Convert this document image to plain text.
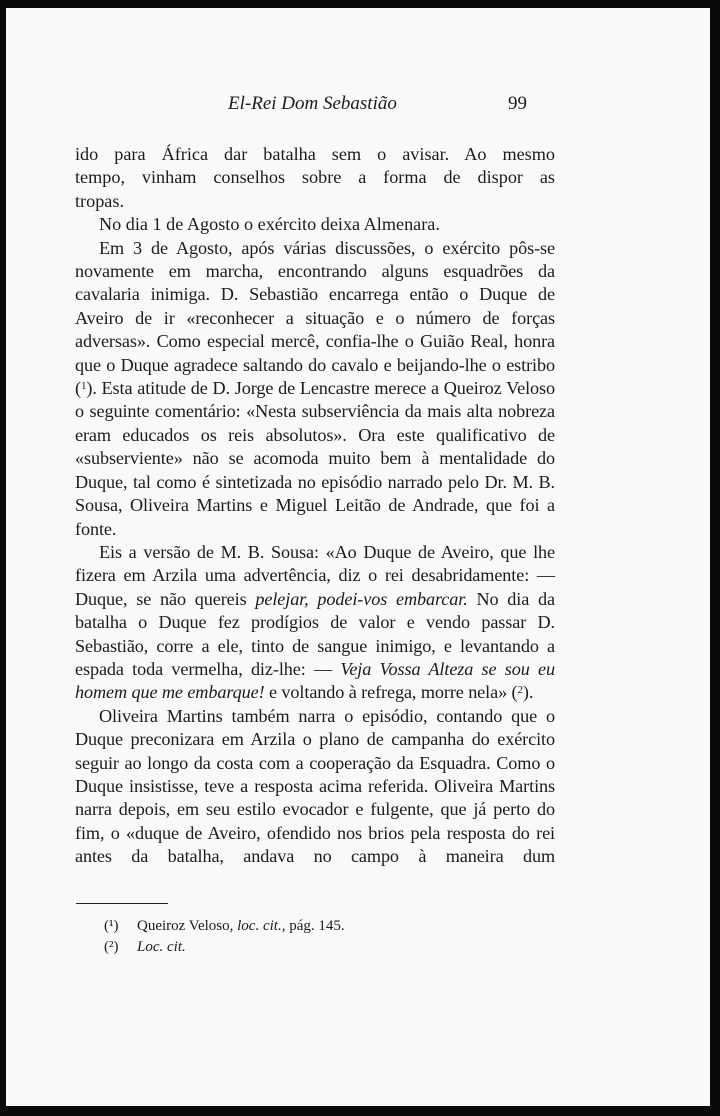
El-Rei Dom Sebastião	99

ido para África dar batalha sem o avisar. Ao mesmo

tempo, vinham conselhos sobre a forma de dispor as

tropas.

No dia 1 de Agosto o exército deixa Almenara.

Em 3 de Agosto, após várias discussões, o exército pôs-se novamente em marcha, encontrando alguns esquadrões da cavalaria inimiga. D. Sebastião encarrega então o Duque de Aveiro de ir «reconhecer a situação e o número de forças adversas». Como especial mercê, confia-lhe o Guião Real, honra que o Duque agradece saltando do cavalo e beijando-lhe o estribo ($^1$). Esta atitude de D. Jorge de Lencastre merece a Queiroz Veloso o seguinte comentário: «Nesta subserviência da mais alta nobreza eram educados os reis absolutos». Ora este qualificativo de «subserviente» não se acomoda muito bem à mentalidade do Duque, tal como é sintetizada no episódio narrado pelo Dr. M. B. Sousa, Oliveira Martins e Miguel Leitão de Andrade, que foi a fonte.

Eis a versão de M. B. Sousa: «Ao Duque de Aveiro, que lhe fizera em Arzila uma advertência, diz o rei desabridamente: — Duque, se não quereis pelejar, podei-vos embarcar. No dia da batalha o Duque fez prodígios de valor e vendo passar D. Sebastião, corre a ele, tinto de sangue inimigo, e levantando a espada toda vermelha, diz-lhe: — Veja Vossa Alteza se sou eu homem que me embarque! e voltando à refrega, morre nela» ($^2$).

Oliveira Martins também narra o episódio, contando que o Duque preconizara em Arzila o plano de campanha do exército seguir ao longo da costa com a cooperação da Esquadra. Como o Duque insistisse, teve a resposta acima referida. Oliveira Martins narra depois, em seu estilo evocador e fulgente, que já perto do fim, o «duque de Aveiro, ofendido nos brios pela resposta do rei antes da batalha, andava no campo à maneira dum

(¹) Queiroz Veloso, loc. cit., pág. 145.
(²) Loc. cit.
